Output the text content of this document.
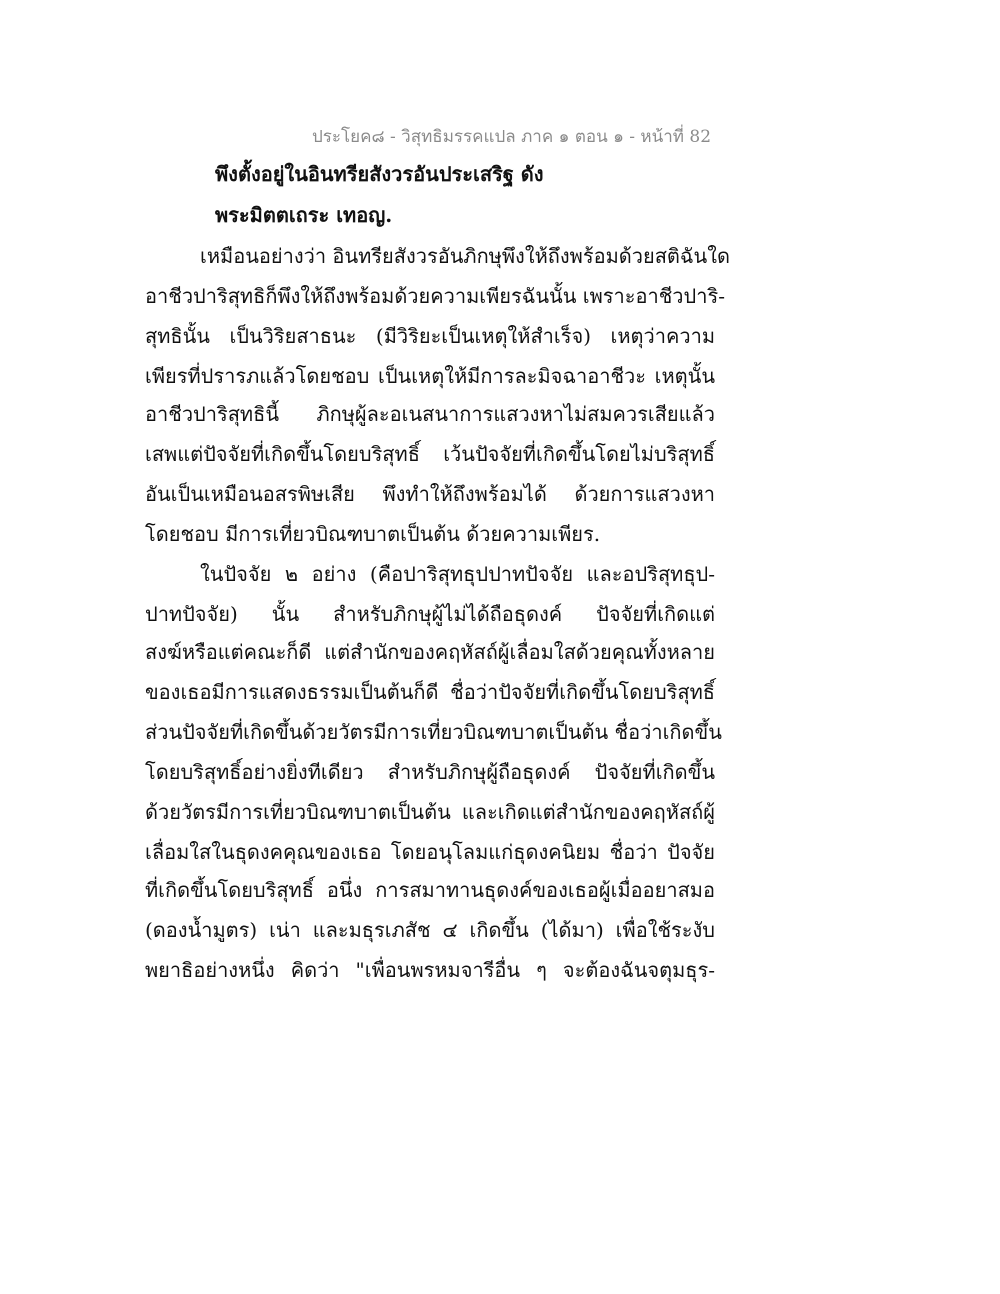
ประโยค๘ - วิสุทธิมรรคแปล ภาค ๑ ตอน ๑ - หน้าที่ 82
พึงตั้งอยู่ในอินทรียสังวรอันประเสริฐ ดัง
พระมิตตเถระ เทอญ.
เหมือนอย่างว่า อินทรียสังวรอันภิกษุพึงให้ถึงพร้อมด้วยสติฉันใด
อาชีวปาริสุทธิก็พึงให้ถึงพร้อมด้วยความเพียรฉันนั้น เพราะอาชีวปาริ-
สุทธินั้น เป็นวิริยสาธนะ (มีวิริยะเป็นเหตุให้สำเร็จ) เหตุว่าความ
เพียรที่ปรารภแล้วโดยชอบ เป็นเหตุให้มีการละมิจฉาอาชีวะ เหตุนั้น
อาชีวปาริสุทธินี้ ภิกษุผู้ละอเนสนาการแสวงหาไม่สมควรเสียแล้ว
เสพแต่ปัจจัยที่เกิดขึ้นโดยบริสุทธิ์ เว้นปัจจัยที่เกิดขึ้นโดยไม่บริสุทธิ์
อันเป็นเหมือนอสรพิษเสีย พึงทำให้ถึงพร้อมได้ ด้วยการแสวงหา
โดยชอบ มีการเที่ยวบิณฑบาตเป็นต้น ด้วยความเพียร.
ในปัจจัย ๒ อย่าง (คือปาริสุทธุปปาทปัจจัย และอปริสุทธุป-
ปาทปัจจัย) นั้น สำหรับภิกษุผู้ไม่ได้ถือธุดงค์ ปัจจัยที่เกิดแต่
สงฆ์หรือแต่คณะก็ดี แต่สำนักของคฤหัสถ์ผู้เลื่อมใสด้วยคุณทั้งหลาย
ของเธอมีการแสดงธรรมเป็นต้นก็ดี ชื่อว่าปัจจัยที่เกิดขึ้นโดยบริสุทธิ์
ส่วนปัจจัยที่เกิดขึ้นด้วยวัตรมีการเที่ยวบิณฑบาตเป็นต้น ชื่อว่าเกิดขึ้น
โดยบริสุทธิ์อย่างยิ่งทีเดียว สำหรับภิกษุผู้ถือธุดงค์ ปัจจัยที่เกิดขึ้น
ด้วยวัตรมีการเที่ยวบิณฑบาตเป็นต้น และเกิดแต่สำนักของคฤหัสถ์ผู้
เลื่อมใสในธุดงคคุณของเธอ โดยอนุโลมแก่ธุดงคนิยม ชื่อว่า ปัจจัย
ที่เกิดขึ้นโดยบริสุทธิ์ อนึ่ง การสมาทานธุดงค์ของเธอผู้เมื่ออยาสมอ
(ดองน้ำมูตร) เน่า และมธุรเภสัช ๔ เกิดขึ้น (ได้มา) เพื่อใช้ระงับ
พยาธิอย่างหนึ่ง คิดว่า "เพื่อนพรหมจารีอื่น ๆ จะต้องฉันจตุมธุร-
